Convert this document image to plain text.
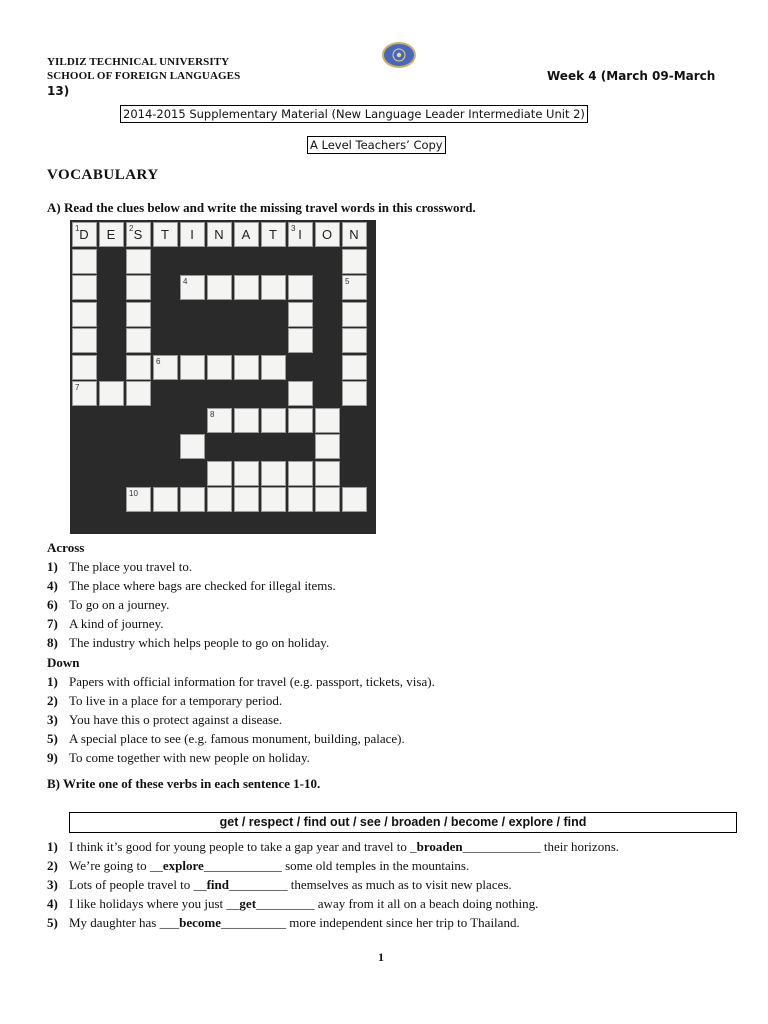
YILDIZ TECHNICAL UNIVERSITY
SCHOOL OF FOREIGN LANGUAGES
13)
Week 4 (March 09-March
2014-2015 Supplementary Material (New Language Leader Intermediate Unit 2)
A Level Teachers’ Copy
VOCABULARY
A) Read the clues below and write the missing travel words in this crossword.
1 D	E	2 S	T	I	N	A	T	3 I	O	N
4	5
6
7
8
10
Across
1) The place you travel to.
4) The place where bags are checked for illegal items.
6) To go on a journey.
7) A kind of journey.
8) The industry which helps people to go on holiday.
Down
1) Papers with official information for travel (e.g. passport, tickets, visa).
2) To live in a place for a temporary period.
3) You have this o protect against a disease.
5) A special place to see (e.g. famous monument, building, palace).
9) To come together with new people on holiday.
B) Write one of these verbs in each sentence 1-10.
get / respect / find out / see / broaden / become / explore / find
1) I think it’s good for young people to take a gap year and travel to _broaden____________ their horizons.
2) We’re going to __explore____________ some old temples in the mountains.
3) Lots of people travel to __find_________ themselves as much as to visit new places.
4) I like holidays where you just __get_________ away from it all on a beach doing nothing.
5) My daughter has ___become__________ more independent since her trip to Thailand.
1
